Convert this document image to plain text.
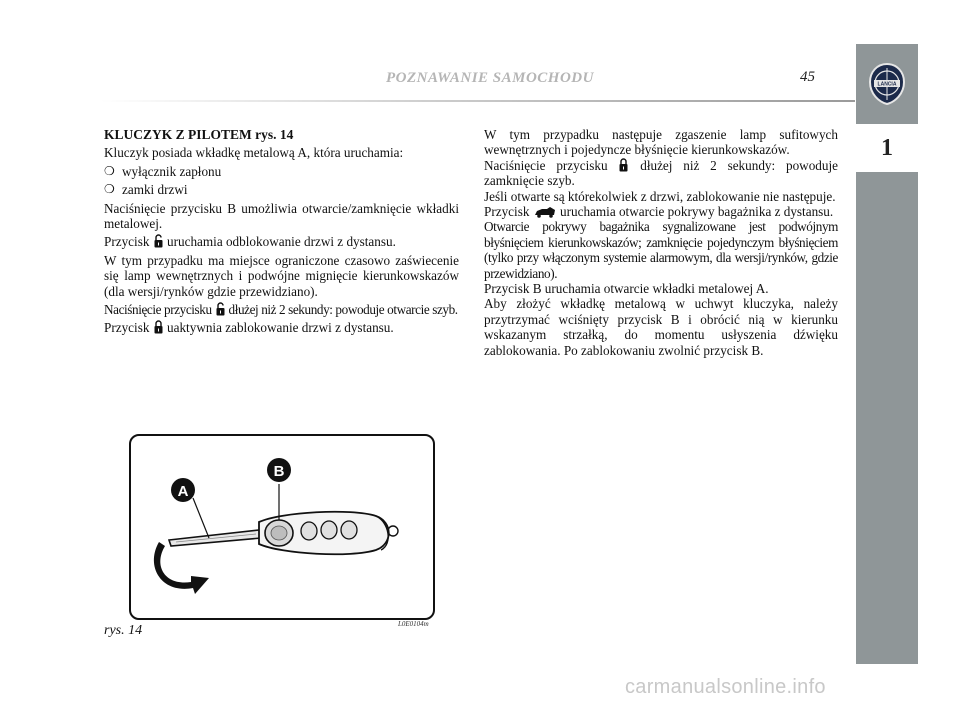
POZNAWANIE SAMOCHODU	45	LANCIA
1

KLUCZYK Z PILOTEM rys. 14

Kluczyk posiada wkładkę metalową A, która uruchamia:

❍ wyłącznik zapłonu
❍ zamki drzwi

Naciśnięcie przycisku B umożliwia otwarcie/zamknięcie wkładki metalowej.

Przycisk uruchamia odblokowanie drzwi z dystansu.

W tym przypadku ma miejsce ograniczone czasowo zaświecenie się lamp wewnętrznych i podwójne mignięcie kierunkowskazów (dla wersji/rynków gdzie przewidziano).

Naciśnięcie przycisku dłużej niż 2 sekundy: powoduje otwarcie szyb.

Przycisk uaktywnia zablokowanie drzwi z dystansu.

W tym przypadku następuje zgaszenie lamp sufitowych wewnętrznych i pojedyncze błyśnięcie kierunkowskazów.

Naciśnięcie przycisku dłużej niż 2 sekundy: powoduje zamknięcie szyb.

Jeśli otwarte są którekolwiek z drzwi, zablokowanie nie następuje.

Przycisk uruchamia otwarcie pokrywy bagażnika z dystansu.

Otwarcie pokrywy bagażnika sygnalizowane jest podwójnym błyśnięciem kierunkowskazów; zamknięcie pojedynczym błyśnięciem (tylko przy włączonym systemie alarmowym, dla wersji/rynków, gdzie przewidziano).

Przycisk B uruchamia otwarcie wkładki metalowej A.

Aby złożyć wkładkę metalową w uchwyt kluczyka, należy przytrzymać wciśnięty przycisk B i obrócić nią w kierunku wskazanym strzałką, do momentu usłyszenia dźwięku zablokowania. Po zablokowaniu zwolnić przycisk B.

A
B
rys. 14	L0E0104m
carmanualsonline.info
